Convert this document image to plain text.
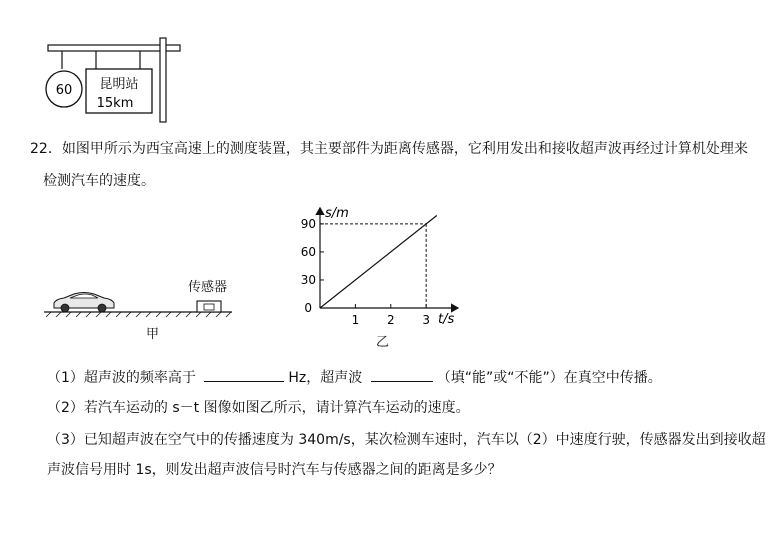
60 昆明站
15km
22．如图甲所示为西宝高速上的测度装置，其主要部件为距离传感器，它利用发出和接收超声波再经过计算机处理来
检测汽车的速度。
传感器
甲
s/m
t/s
0
1 2 3
30
60
90
乙
（1）超声波的频率高于	Hz，超声波	（填“能”或“不能”）在真空中传播。
（2）若汽车运动的 s－t 图像如图乙所示，请计算汽车运动的速度。
（3）已知超声波在空气中的传播速度为 340m/s，某次检测车速时，汽车以（2）中速度行驶，传感器发出到接收超
声波信号用时 1s，则发出超声波信号时汽车与传感器之间的距离是多少？
